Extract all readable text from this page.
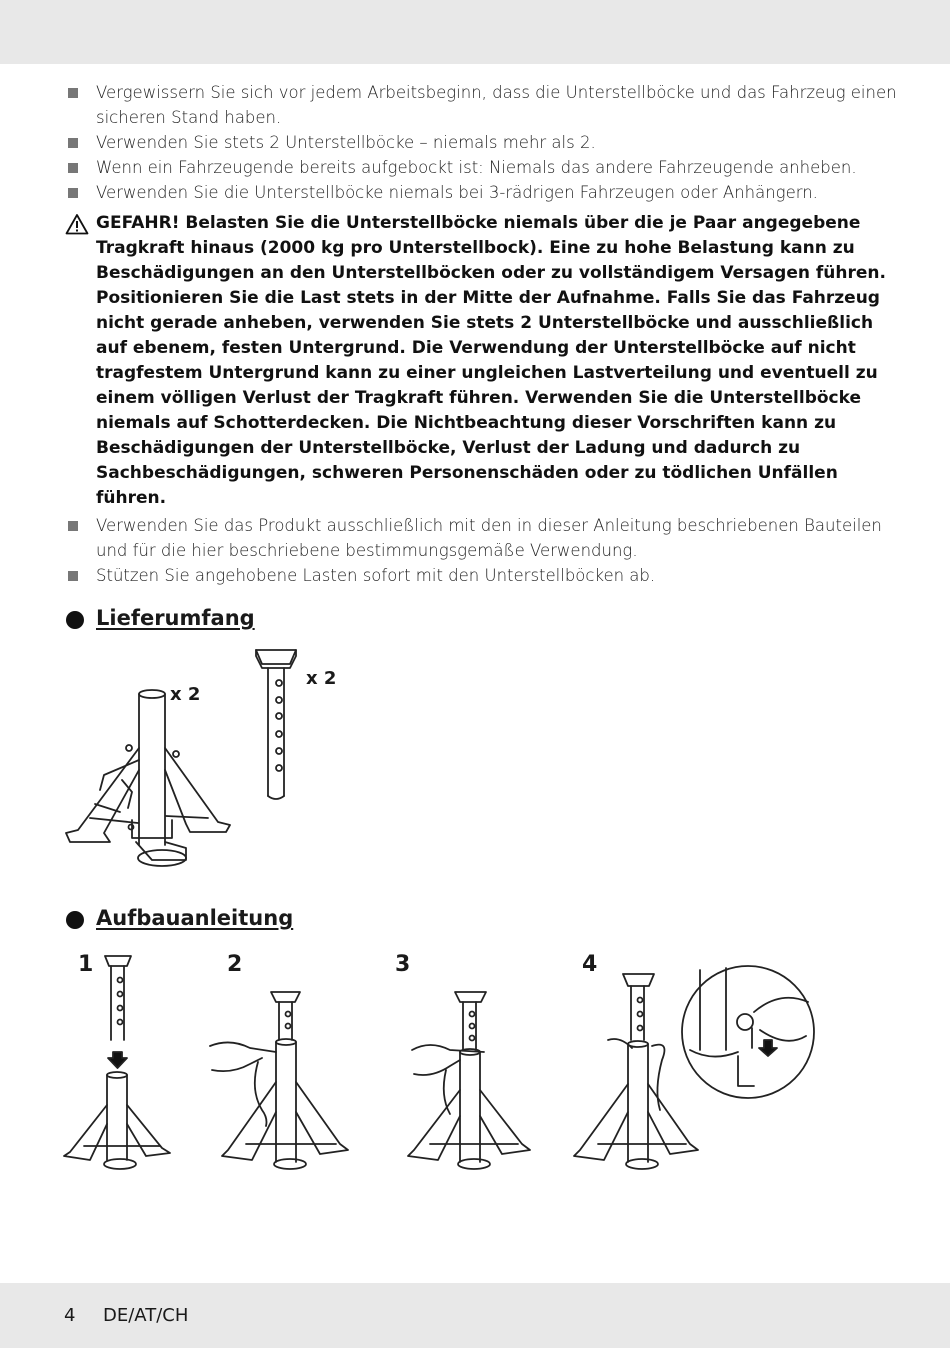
Vergewissern Sie sich vor jedem Arbeitsbeginn, dass die Unterstellböcke und das Fahrzeug einen sicheren Stand haben.
Verwenden Sie stets 2 Unterstellböcke – niemals mehr als 2.
Wenn ein Fahrzeugende bereits aufgebockt ist: Niemals das andere Fahrzeugende anheben.
Verwenden Sie die Unterstellböcke niemals bei 3-rädrigen Fahrzeugen oder Anhängern.
GEFAHR! Belasten Sie die Unterstellböcke niemals über die je Paar angegebene Tragkraft hinaus (2000 kg pro Unterstellbock). Eine zu hohe Belastung kann zu Beschädigungen an den Unterstellböcken oder zu vollständigem Versagen führen. Positionieren Sie die Last stets in der Mitte der Aufnahme. Falls Sie das Fahrzeug nicht gerade anheben, verwenden Sie stets 2 Unterstellböcke und ausschließlich auf ebenem, festen Untergrund. Die Verwendung der Unterstellböcke auf nicht tragfestem Untergrund kann zu einer ungleichen Lastverteilung und eventuell zu einem völligen Verlust der Tragkraft führen. Verwenden Sie die Unterstellböcke niemals auf Schotterdecken. Die Nichtbeachtung dieser Vorschriften kann zu Beschädigungen der Unterstellböcke, Verlust der Ladung und dadurch zu Sachbeschädigungen, schweren Personenschäden oder zu tödlichen Unfällen führen.
Verwenden Sie das Produkt ausschließlich mit den in dieser Anleitung beschriebenen Bauteilen und für die hier beschriebene bestimmungsgemäße Verwendung.
Stützen Sie angehobene Lasten sofort mit den Unterstellböcken ab.
Lieferumfang
x 2
x 2
Aufbauanleitung
1	2	3	4
4 DE/AT/CH
